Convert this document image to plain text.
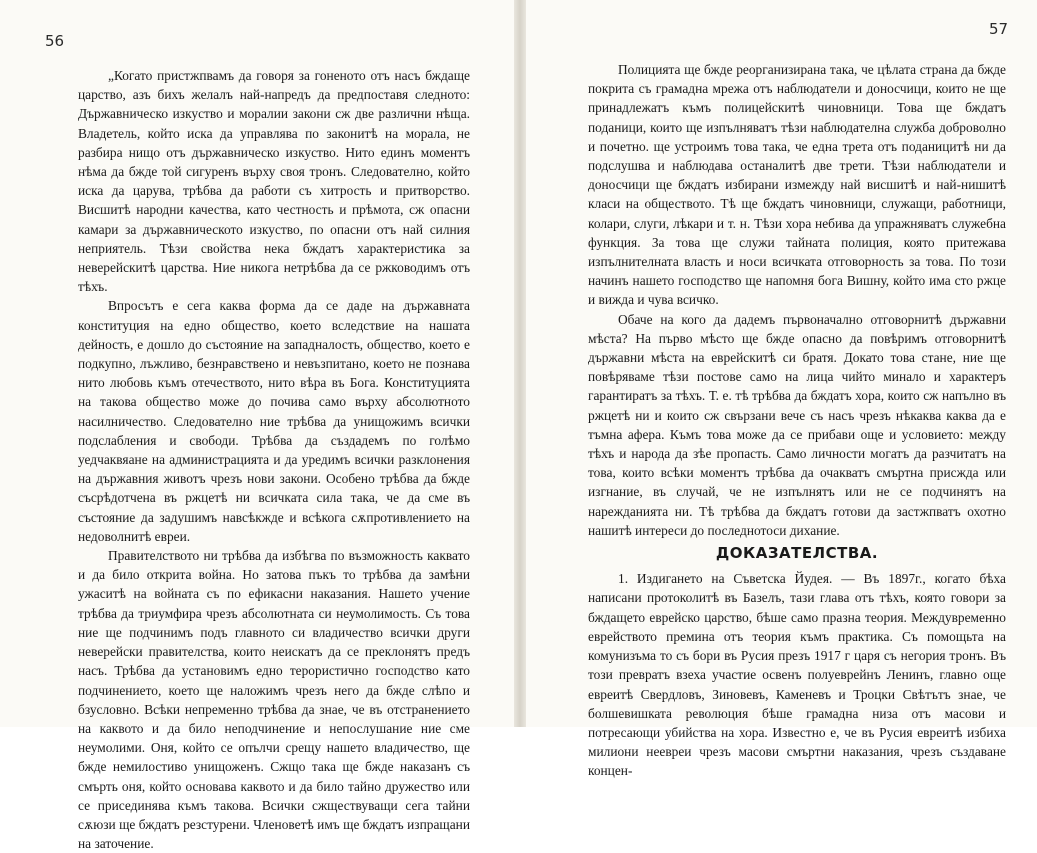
56

„Когато пристжпвамъ да говоря за гоненото отъ насъ бждаще царство, азъ бихъ желалъ най-напредъ да предпоставя следното: Държавническо изкуство и моралии закони сж две различни нѣща. Владетель, който иска да управлява по законитѣ на морала, не разбира нищо отъ държавническо изкуство. Нито единъ моментъ нѣма да бжде той сигуренъ върху своя тронъ. Следователно, който иска да царува, трѣбва да работи съ хитрость и притворство. Висшитѣ народни качества, като честность и прѣмота, сж опасни камари за държавническото изкуство, по опасни отъ най силния неприятель. Тѣзи свойства нека бждатъ характеристика за неверейскитѣ царства. Ние никога нетрѣбва да се ржководимъ отъ тѣхъ.

Впросътъ е сега каква форма да се даде на държавната конституция на едно общество, което вследствие на нашата дейность, е дошло до състояние на западналость, общество, което е подкупно, лъжливо, безнравствено и невъзпитано, което не познава нито любовь къмъ отечеството, нито вѣра въ Бога. Конституцията на такова общество може до почива само върху абсолютното насилничество. Следователно ние трѣбва да унищожимъ всички подслабления и свободи. Трѣбва да създадемъ по голѣмо уедчаквяане на администрацията и да уредимъ всички разклонения на държавния животъ чрезъ нови закони. Особено трѣбва да бжде съсрѣдотчена въ ржцетѣ ни всичката сила така, че да сме въ състояние да задушимъ навсѣкжде и всѣкога сѫпротивлението на недоволнитѣ евреи.

Правителството ни трѣбва да избѣгва по възможность каквато и да било открита война. Но затова пъкъ то трѣбва да замѣни ужаситѣ на войната съ по ефикасни наказания. Нашето учение трѣбва да триумфира чрезъ абсолютната си неумолимость. Съ това ние ще подчинимъ подъ главното си владичество всички други неверейски правителства, които неискатъ да се преклонятъ предъ насъ. Трѣбва да установимъ едно терористично господство като подчинението, което ще наложимъ чрезъ него да бжде слѣпо и бзусловно. Всѣки непременно трѣбва да знае, че въ отстранението на каквото и да било неподчинение и непослушание ние сме неумолими. Оня, който се опълчи срещу нашето владичество, ще бжде немилостиво унищоженъ. Сжщо така ще бжде наказанъ съ смърть оня, който основава каквото и да било тайно дружество или се присединява къмъ такова. Всички сжществуващи сега тайни сѫюзи ще бждатъ резстурени. Членоветѣ имъ ще бждатъ изпращани на заточение.

57

Полицията ще бжде реорганизирана така, че цѣлата страна да бжде покрита съ грамадна мрежа отъ наблюдатели и доносчици, които не ще принадлежатъ къмъ полицейскитѣ чиновници. Това ще бждатъ поданици, които ще изпълняватъ тѣзи наблюдателна служба доброволно и почетно. ще устроимъ това така, че една трета отъ поданицитѣ ни да подслушва и наблюдава останалитѣ две трети. Тѣзи наблюдатели и доносчици ще бждатъ избирани измежду най висшитѣ и най-нишитѣ класи на обществото. Тѣ ще бждатъ чиновници, служащи, работници, колари, слуги, лѣкари и т. н. Тѣзи хора небива да упражняватъ служебна функция. За това ще служи тайната полиция, която притежава изпълнителната власть и носи всичката отговорность за това. По този начинъ нашето господство ще напомня бога Вишну, който има сто ржце и вижда и чува всичко.

Обаче на кого да дадемъ първоначално отговорнитѣ държавни мѣста? На първо мѣсто ще бжде опасно да повѣримъ отговорнитѣ държавни мѣста на еврейскитѣ си братя. Докато това стане, ние ще повѣряваме тѣзи постове само на лица чийто минало и характеръ гарантиратъ за тѣхъ. Т. е. тѣ трѣбва да бждатъ хора, които сж напълно въ ржцетѣ ни и които сж свързани вече съ насъ чрезъ нѣкаква каква да е тъмна афера. Къмъ това може да се прибави още и условието: между тѣхъ и народа да зѣе пропасть. Само личности могатъ да разчитатъ на това, които всѣки моментъ трѣбва да очакватъ смъртна присжда или изгнание, въ случай, че не изпълнятъ или не се подчинятъ на нарежданията ни. Тѣ трѣбва да бждатъ готови да застжпватъ охотно нашитѣ интереси до последнотоси дихание.

ДОКАЗАТЕЛСТВА.

1. Издигането на Съветска Йудея. — Въ 1897г., когато бѣха написани протоколитѣ въ Базелъ, тази глава отъ тѣхъ, която говори за бждащето еврейско царство, бѣше само празна теория. Междувременно еврейството премина отъ теория къмъ практика. Съ помощьта на комунизъма то съ бори въ Русия презъ 1917 г царя съ негория тронъ. Въ този превратъ взеха участие освенъ полуеврейнъ Ленинъ, главно още евреитѣ Свердловъ, Зиновевъ, Каменевъ и Троцки Свѣтътъ знае, че болшевишката революция бѣше грамадна низа отъ масови и потресающи убийства на хора. Известно е, че въ Русия евреитѣ избиха милиони неевреи чрезъ масови смъртни наказания, чрезъ създаване концен-
